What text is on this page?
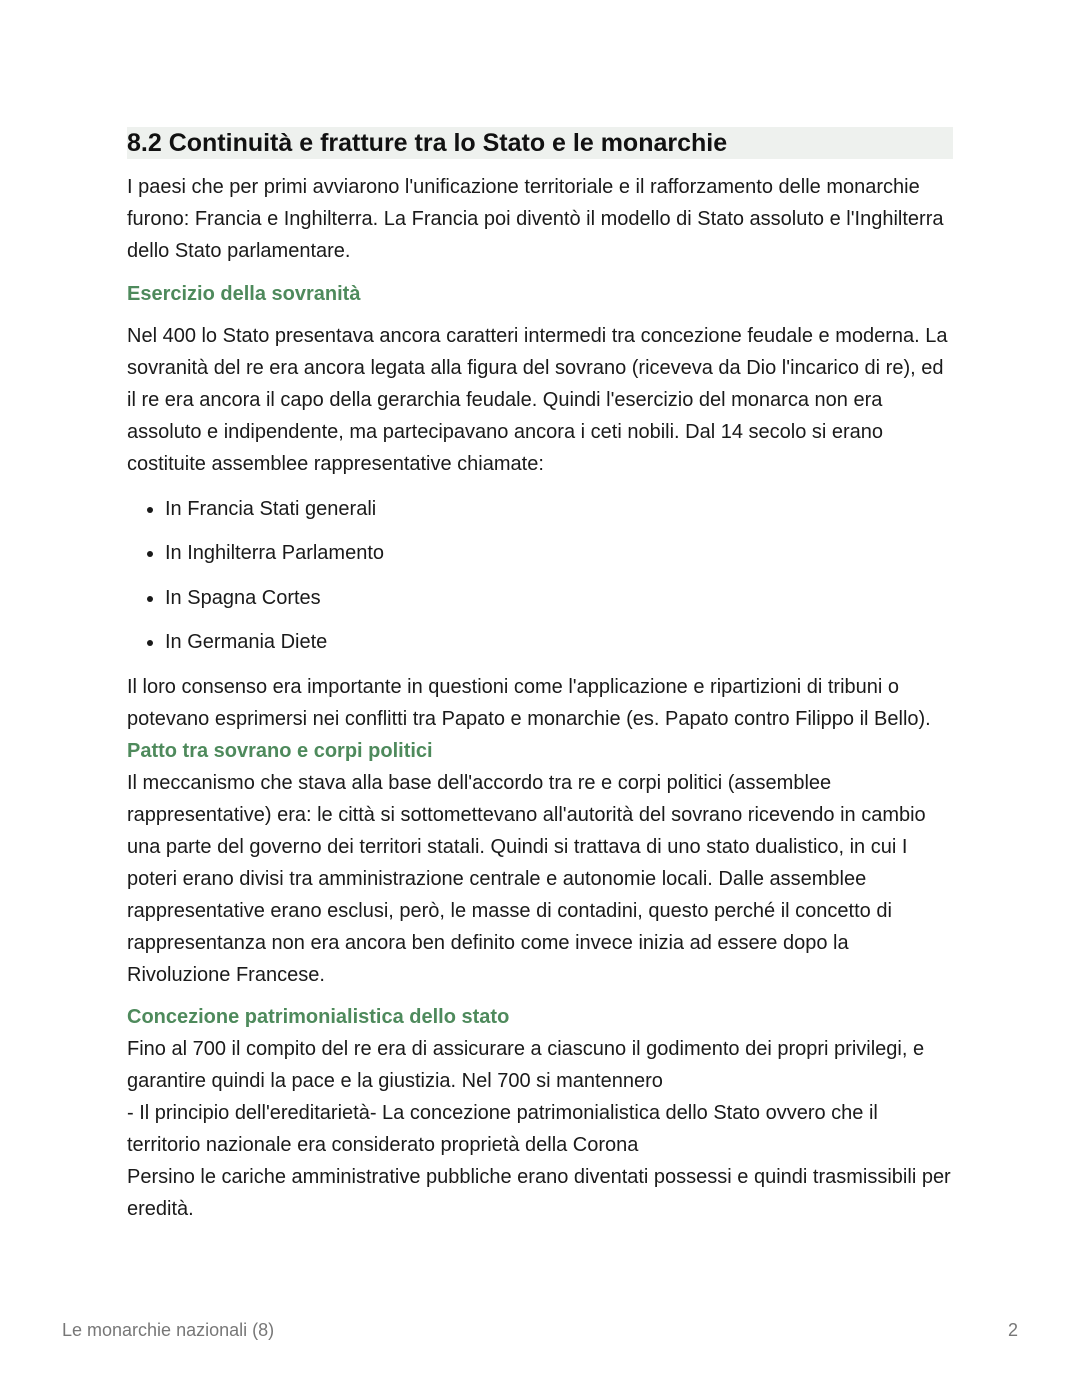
8.2 Continuità e fratture tra lo Stato e le monarchie

I paesi che per primi avviarono l'unificazione territoriale e il rafforzamento delle monarchie furono: Francia e Inghilterra. La Francia poi diventò il modello di Stato assoluto e l'Inghilterra dello Stato parlamentare.

Esercizio della sovranità

Nel 400 lo Stato presentava ancora caratteri intermedi tra concezione feudale e moderna. La sovranità del re era ancora legata alla figura del sovrano (riceveva da Dio l'incarico di re), ed il re era ancora il capo della gerarchia feudale. Quindi l'esercizio del monarca non era assoluto e indipendente, ma partecipavano ancora i ceti nobili. Dal 14 secolo si erano costituite assemblee rappresentative chiamate:

• In Francia Stati generali
• In Inghilterra Parlamento
• In Spagna Cortes
• In Germania Diete

Il loro consenso era importante in questioni come l'applicazione e ripartizioni di tribuni o potevano esprimersi nei conflitti tra Papato e monarchie (es. Papato contro Filippo il Bello).

Patto tra sovrano e corpi politici

Il meccanismo che stava alla base dell'accordo tra re e corpi politici (assemblee rappresentative) era: le città si sottomettevano all'autorità del sovrano ricevendo in cambio una parte del governo dei territori statali. Quindi si trattava di uno stato dualistico, in cui I poteri erano divisi tra amministrazione centrale e autonomie locali. Dalle assemblee rappresentative erano esclusi, però, le masse di contadini, questo perché il concetto di rappresentanza non era ancora ben definito come invece inizia ad essere dopo la Rivoluzione Francese.

Concezione patrimonialistica dello stato

Fino al 700 il compito del re era di assicurare a ciascuno il godimento dei propri privilegi, e garantire quindi la pace e la giustizia. Nel 700 si mantennero

- Il principio dell'ereditarietà- La concezione patrimonialistica dello Stato ovvero che il territorio nazionale era considerato proprietà della Corona

Persino le cariche amministrative pubbliche erano diventati possessi e quindi trasmissibili per eredità.

Le monarchie nazionali (8)	2
